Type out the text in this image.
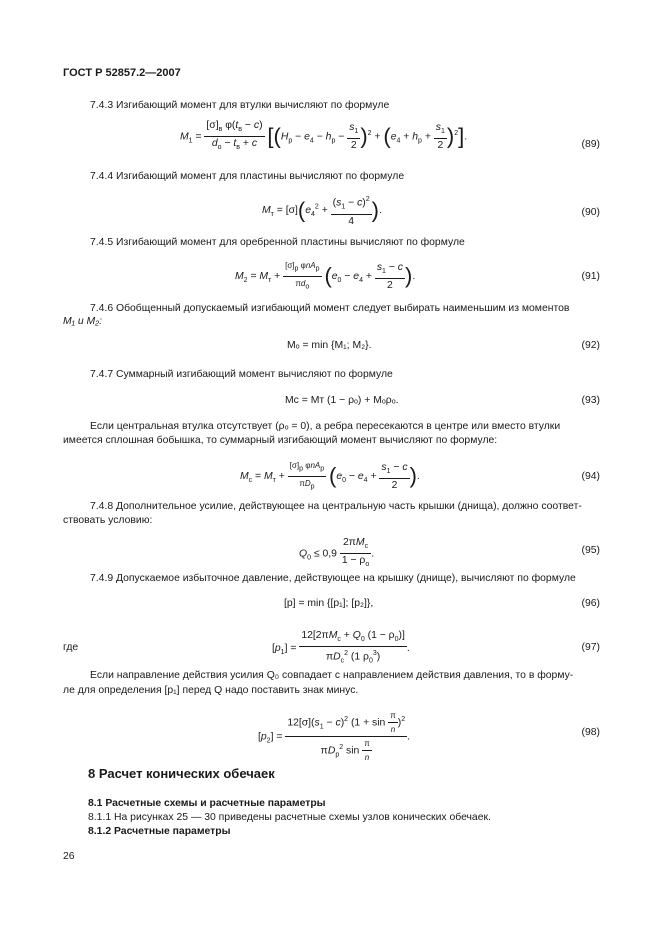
ГОСТ Р 52857.2—2007
7.4.3 Изгибающий момент для втулки вычисляют по формуле
$M_1 = \frac{[\sigma]_в \varphi(t_в - c)}{d_о - t_в + c} [(H_р - e_4 - h_р - \frac{s_1}{2} )^2 + (e_4 + h_р + \frac{s_1}{2} )^2]$.
(89)
7.4.4 Изгибающий момент для пластины вычисляют по формуле
$M_т = [\sigma](e_4^2 + \frac{(s_1 - c)^2}{4}$ ).	(90)
7.4.5 Изгибающий момент для оребренной пластины вычисляют по формуле
$M_2 = M_т + \frac{[\sigma]_р \varphi nA_р}{\pi d_о} (e_0 - e_4 + \frac{s_1 - c}{2}$ ).	(91)
7.4.6 Обобщенный допускаемый изгибающий момент следует выбирать наименьшим из моментов
M₁ и M₂:
Mₒ = min {M₁; M₂}.	(92)
7.4.7 Суммарный изгибающий момент вычисляют по формуле
Mc = Mт (1 − ρₒ) + Mₒρₒ.	(93)
Если центральная втулка отсутствует (ρₒ = 0), а ребра пересекаются в центре или вместо втулки
имеется сплошная бобышка, то суммарный изгибающий момент вычисляют по формуле:
$M_с = M_т + \frac{[\sigma]_р \varphi nA_р}{\pi D_р} (e_0 - e_4 + \frac{s_1 - c}{2}$ ).	(94)
7.4.8 Дополнительное усилие, действующее на центральную часть крышки (днища), должно соответ-
ствовать условию:
$Q_0 \le 0,9 \frac{2\pi M_с}{1 - \rho_о}$ .	(95)
7.4.9 Допускаемое избыточное давление, действующее на крышку (днище), вычисляют по формуле
[p] = min {[p₁]; [p₂]},	(96)
где	$[p_1] = \frac{12[2\pi M_с + Q_0 (1 - \rho_0)]}{\pi D_с^2 (1 \rho_0^3)}$ .	(97)
Если направление действия усилия Q₀ совпадает с направлением действия давления, то в форму-
ле для определения [p₁] перед Q надо поставить знак минус.
$[p_2] = \frac{12[\sigma](s_1 - c)^2 (1 + \sin \frac{\pi}{n} )^2}{\pi D_р^2 \sin \frac{\pi}{n}}$ .	(98)
8 Расчет конических обечаек
8.1 Расчетные схемы и расчетные параметры
8.1.1 На рисунках 25 — 30 приведены расчетные схемы узлов конических обечаек.
8.1.2 Расчетные параметры
26
